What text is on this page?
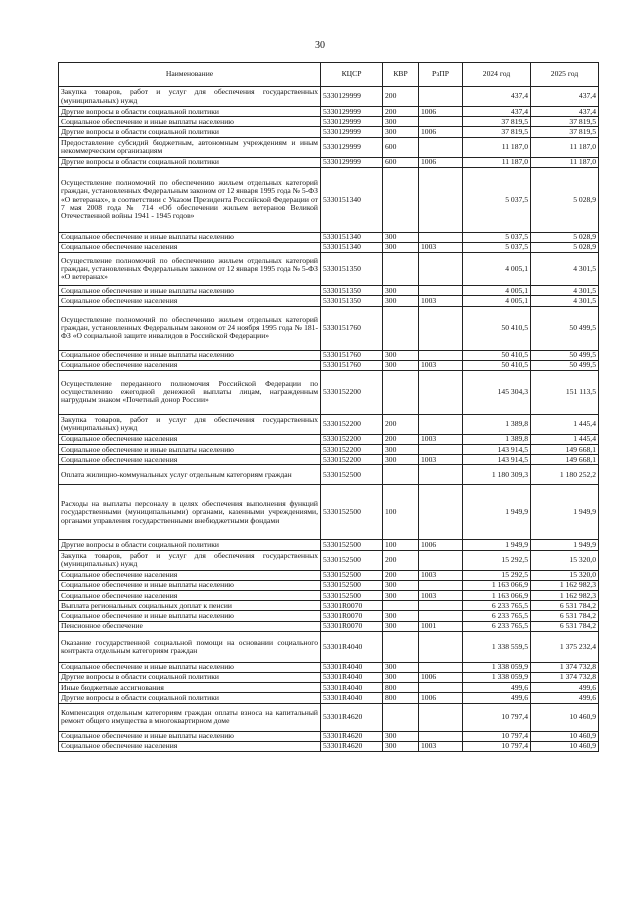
30
Наименование	КЦСР	КВР	РзПР	2024 год	2025 год
Закупка товаров, работ и услуг для обеспечения государственных (муниципальных) нужд	5330129999	200		437,4	437,4
Другие вопросы в области социальной политики	5330129999	200	1006	437,4	437,4
Социальное обеспечение и иные выплаты населению	5330129999	300		37 819,5	37 819,5
Другие вопросы в области социальной политики	5330129999	300	1006	37 819,5	37 819,5
Предоставление субсидий бюджетным, автономным учреждениям и иным некоммерческим организациям	5330129999	600		11 187,0	11 187,0
Другие вопросы в области социальной политики	5330129999	600	1006	11 187,0	11 187,0
Осуществление полномочий по обеспечению жильем отдельных категорий граждан, установленных Федеральным законом от 12 января 1995 года № 5-ФЗ «О ветеранах», в соответствии с Указом Президента Российской Федерации от 7 мая 2008 года № 714 «Об обеспечении жильем ветеранов Великой Отечественной войны 1941 - 1945 годов»	5330151340			5 037,5	5 028,9
Социальное обеспечение и иные выплаты населению	5330151340	300		5 037,5	5 028,9
Социальное обеспечение населения	5330151340	300	1003	5 037,5	5 028,9
Осуществление полномочий по обеспечению жильем отдельных категорий граждан, установленных Федеральным законом от 12 января 1995 года № 5-ФЗ «О ветеранах»	5330151350			4 005,1	4 301,5
Социальное обеспечение и иные выплаты населению	5330151350	300		4 005,1	4 301,5
Социальное обеспечение населения	5330151350	300	1003	4 005,1	4 301,5
Осуществление полномочий по обеспечению жильем отдельных категорий граждан, установленных Федеральным законом от 24 ноября 1995 года № 181-ФЗ «О социальной защите инвалидов в Российской Федерации»	5330151760			50 410,5	50 499,5
Социальное обеспечение и иные выплаты населению	5330151760	300		50 410,5	50 499,5
Социальное обеспечение населения	5330151760	300	1003	50 410,5	50 499,5
Осуществление переданного полномочия Российской Федерации по осуществлению ежегодной денежной выплаты лицам, награжденным нагрудным знаком «Почетный донор России»	5330152200			145 304,3	151 113,5
Закупка товаров, работ и услуг для обеспечения государственных (муниципальных) нужд	5330152200	200		1 389,8	1 445,4
Социальное обеспечение населения	5330152200	200	1003	1 389,8	1 445,4
Социальное обеспечение и иные выплаты населению	5330152200	300		143 914,5	149 668,1
Социальное обеспечение населения	5330152200	300	1003	143 914,5	149 668,1
Оплата жилищно-коммунальных услуг отдельным категориям граждан	5330152500			1 180 309,3	1 180 252,2
Расходы на выплаты персоналу в целях обеспечения выполнения функций государственными (муниципальными) органами, казенными учреждениями, органами управления государственными внебюджетными фондами	5330152500	100		1 949,9	1 949,9
Другие вопросы в области социальной политики	5330152500	100	1006	1 949,9	1 949,9
Закупка товаров, работ и услуг для обеспечения государственных (муниципальных) нужд	5330152500	200		15 292,5	15 320,0
Социальное обеспечение населения	5330152500	200	1003	15 292,5	15 320,0
Социальное обеспечение и иные выплаты населению	5330152500	300		1 163 066,9	1 162 982,3
Социальное обеспечение населения	5330152500	300	1003	1 163 066,9	1 162 982,3
Выплата региональных социальных доплат к пенсии	53301R0070			6 233 765,5	6 531 784,2
Социальное обеспечение и иные выплаты населению	53301R0070	300		6 233 765,5	6 531 784,2
Пенсионное обеспечение	53301R0070	300	1001	6 233 765,5	6 531 784,2
Оказание государственной социальной помощи на основании социального контракта отдельным категориям граждан	53301R4040			1 338 559,5	1 375 232,4
Социальное обеспечение и иные выплаты населению	53301R4040	300		1 338 059,9	1 374 732,8
Другие вопросы в области социальной политики	53301R4040	300	1006	1 338 059,9	1 374 732,8
Иные бюджетные ассигнования	53301R4040	800		499,6	499,6
Другие вопросы в области социальной политики	53301R4040	800	1006	499,6	499,6
Компенсация отдельным категориям граждан оплаты взноса на капитальный ремонт общего имущества в многоквартирном доме	53301R4620			10 797,4	10 460,9
Социальное обеспечение и иные выплаты населению	53301R4620	300		10 797,4	10 460,9
Социальное обеспечение населения	53301R4620	300	1003	10 797,4	10 460,9
